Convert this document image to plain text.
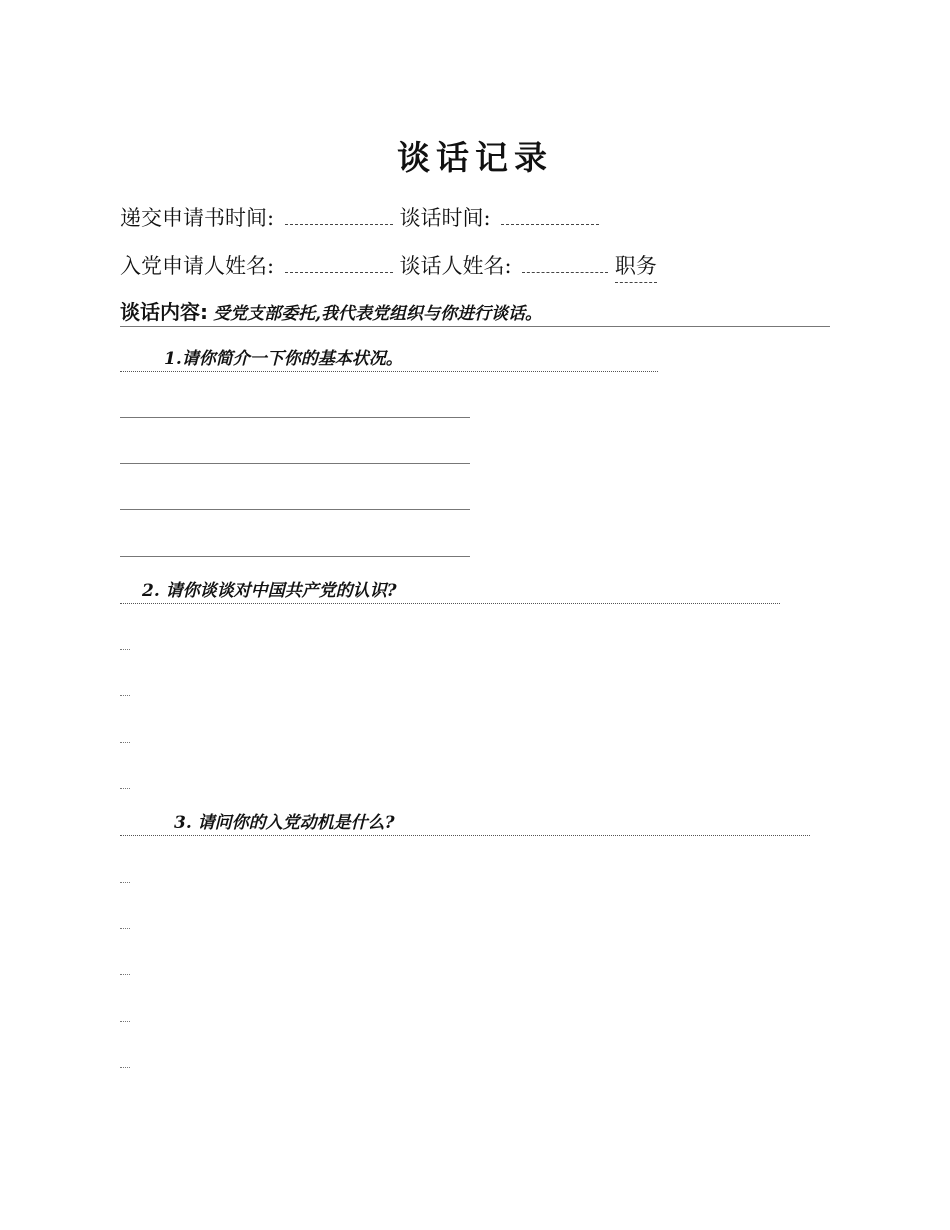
谈话记录
递交申请书时间:	谈话时间:
入党申请人姓名:	谈话人姓名:	职务
谈话内容: 受党支部委托,我代表党组织与你进行谈话。
1.请你简介一下你的基本状况。
2. 请你谈谈对中国共产党的认识?
3. 请问你的入党动机是什么?
